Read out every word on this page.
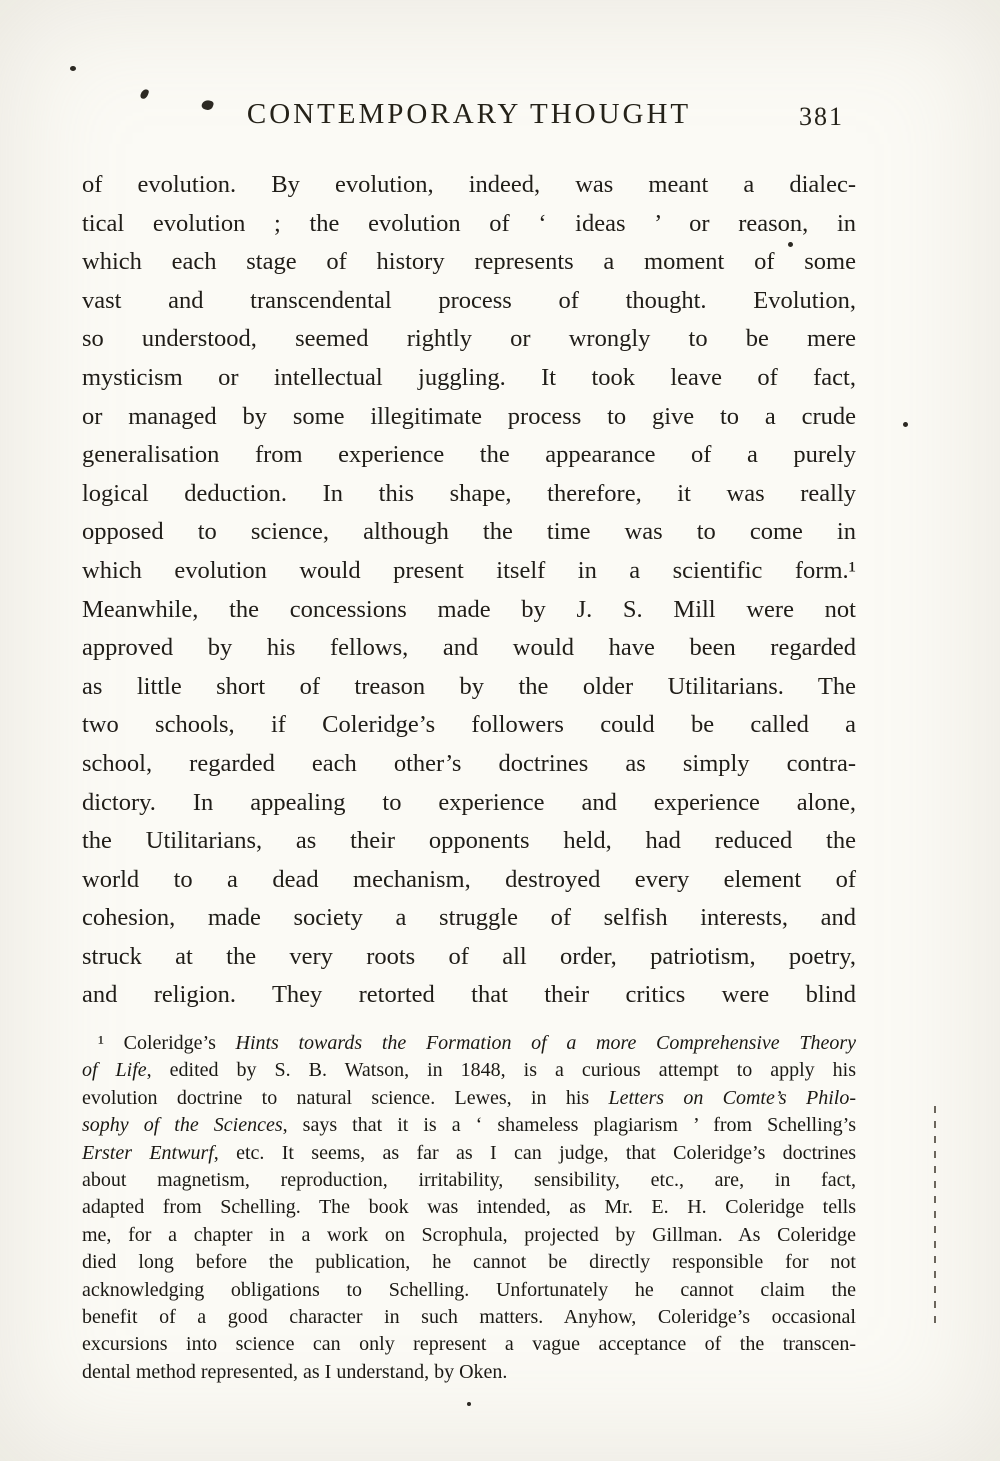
CONTEMPORARY THOUGHT	381
of evolution. By evolution, indeed, was meant a dialec-
tical evolution ; the evolution of ‘ ideas ’ or reason, in
which each stage of history represents a moment of some
vast and transcendental process of thought. Evolution,
so understood, seemed rightly or wrongly to be mere
mysticism or intellectual juggling. It took leave of fact,
or managed by some illegitimate process to give to a crude
generalisation from experience the appearance of a purely
logical deduction. In this shape, therefore, it was really
opposed to science, although the time was to come in
which evolution would present itself in a scientific form.¹
Meanwhile, the concessions made by J. S. Mill were not
approved by his fellows, and would have been regarded
as little short of treason by the older Utilitarians. The
two schools, if Coleridge’s followers could be called a
school, regarded each other’s doctrines as simply contra-
dictory. In appealing to experience and experience alone,
the Utilitarians, as their opponents held, had reduced the
world to a dead mechanism, destroyed every element of
cohesion, made society a struggle of selfish interests, and
struck at the very roots of all order, patriotism, poetry,
and religion. They retorted that their critics were blind
¹ Coleridge’s Hints towards the Formation of a more Comprehensive Theory
of Life, edited by S. B. Watson, in 1848, is a curious attempt to apply his
evolution doctrine to natural science. Lewes, in his Letters on Comte’s Philo-
sophy of the Sciences, says that it is a ‘ shameless plagiarism ’ from Schelling’s
Erster Entwurf, etc. It seems, as far as I can judge, that Coleridge’s doctrines
about magnetism, reproduction, irritability, sensibility, etc., are, in fact,
adapted from Schelling. The book was intended, as Mr. E. H. Coleridge tells
me, for a chapter in a work on Scrophula, projected by Gillman. As Coleridge
died long before the publication, he cannot be directly responsible for not
acknowledging obligations to Schelling. Unfortunately he cannot claim the
benefit of a good character in such matters. Anyhow, Coleridge’s occasional
excursions into science can only represent a vague acceptance of the transcen-
dental method represented, as I understand, by Oken.
